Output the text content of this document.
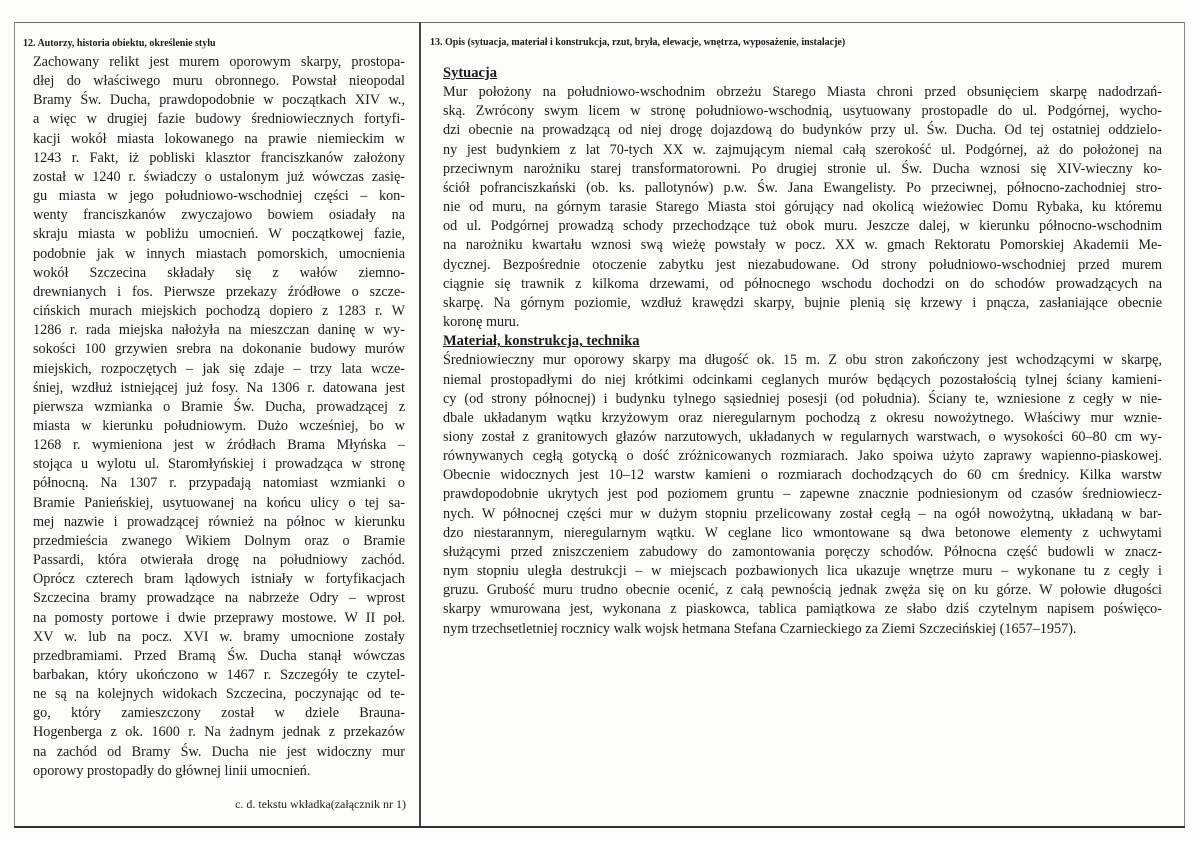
12. Autorzy, historia obiektu, określenie stylu	13. Opis (sytuacja, materiał i konstrukcja, rzut, bryła, elewacje, wnętrza, wyposażenie, instalacje)

Zachowany relikt jest murem oporowym skarpy, prostopa-

dłej do właściwego muru obronnego. Powstał nieopodal

Bramy Św. Ducha, prawdopodobnie w początkach XIV w.,

a więc w drugiej fazie budowy średniowiecznych fortyfi-

kacji wokół miasta lokowanego na prawie niemieckim w

1243 r. Fakt, iż pobliski klasztor franciszkanów założony

został w 1240 r. świadczy o ustalonym już wówczas zasię-

gu miasta w jego południowo-wschodniej części – kon-

wenty franciszkanów zwyczajowo bowiem osiadały na

skraju miasta w pobliżu umocnień. W początkowej fazie,

podobnie jak w innych miastach pomorskich, umocnienia

wokół Szczecina składały się z wałów ziemno-

drewnianych i fos. Pierwsze przekazy źródłowe o szcze-

cińskich murach miejskich pochodzą dopiero z 1283 r. W

1286 r. rada miejska nałożyła na mieszczan daninę w wy-

sokości 100 grzywien srebra na dokonanie budowy murów

miejskich, rozpoczętych – jak się zdaje – trzy lata wcze-

śniej, wzdłuż istniejącej już fosy. Na 1306 r. datowana jest

pierwsza wzmianka o Bramie Św. Ducha, prowadzącej z

miasta w kierunku południowym. Dużo wcześniej, bo w

1268 r. wymieniona jest w źródłach Brama Młyńska –

stojąca u wylotu ul. Staromłyńskiej i prowadząca w stronę

północną. Na 1307 r. przypadają natomiast wzmianki o

Bramie Panieńskiej, usytuowanej na końcu ulicy o tej sa-

mej nazwie i prowadzącej również na północ w kierunku

przedmieścia zwanego Wikiem Dolnym oraz o Bramie

Passardi, która otwierała drogę na południowy zachód.

Oprócz czterech bram lądowych istniały w fortyfikacjach

Szczecina bramy prowadzące na nabrzeże Odry – wprost

na pomosty portowe i dwie przeprawy mostowe. W II poł.

XV w. lub na pocz. XVI w. bramy umocnione zostały

przedbramiami. Przed Bramą Św. Ducha stanął wówczas

barbakan, który ukończono w 1467 r. Szczegóły te czytel-

ne są na kolejnych widokach Szczecina, poczynając od te-

go, który zamieszczony został w dziele Brauna-

Hogenberga z ok. 1600 r. Na żadnym jednak z przekazów

na zachód od Bramy Św. Ducha nie jest widoczny mur

oporowy prostopadły do głównej linii umocnień.

c. d. tekstu wkładka(załącznik nr 1)
Sytuacja

Mur położony na południowo-wschodnim obrzeżu Starego Miasta chroni przed obsunięciem skarpę nadodrzań-

ską. Zwrócony swym licem w stronę południowo-wschodnią, usytuowany prostopadle do ul. Podgórnej, wycho-

dzi obecnie na prowadzącą od niej drogę dojazdową do budynków przy ul. Św. Ducha. Od tej ostatniej oddzielo-

ny jest budynkiem z lat 70-tych XX w. zajmującym niemal całą szerokość ul. Podgórnej, aż do położonej na

przeciwnym narożniku starej transformatorowni. Po drugiej stronie ul. Św. Ducha wznosi się XIV-wieczny ko-

ściół pofranciszkański (ob. ks. pallotynów) p.w. Św. Jana Ewangelisty. Po przeciwnej, północno-zachodniej stro-

nie od muru, na górnym tarasie Starego Miasta stoi górujący nad okolicą wieżowiec Domu Rybaka, ku któremu

od ul. Podgórnej prowadzą schody przechodzące tuż obok muru. Jeszcze dalej, w kierunku północno-wschodnim

na narożniku kwartału wznosi swą wieżę powstały w pocz. XX w. gmach Rektoratu Pomorskiej Akademii Me-

dycznej. Bezpośrednie otoczenie zabytku jest niezabudowane. Od strony południowo-wschodniej przed murem

ciągnie się trawnik z kilkoma drzewami, od północnego wschodu dochodzi on do schodów prowadzących na

skarpę. Na górnym poziomie, wzdłuż krawędzi skarpy, bujnie plenią się krzewy i pnącza, zasłaniające obecnie

koronę muru.

Materiał, konstrukcja, technika

Średniowieczny mur oporowy skarpy ma długość ok. 15 m. Z obu stron zakończony jest wchodzącymi w skarpę,

niemal prostopadłymi do niej krótkimi odcinkami ceglanych murów będących pozostałością tylnej ściany kamieni-

cy (od strony północnej) i budynku tylnego sąsiedniej posesji (od południa). Ściany te, wzniesione z cegły w nie-

dbale układanym wątku krzyżowym oraz nieregularnym pochodzą z okresu nowożytnego. Właściwy mur wznie-

siony został z granitowych głazów narzutowych, układanych w regularnych warstwach, o wysokości 60–80 cm wy-

równywanych cegłą gotycką o dość zróżnicowanych rozmiarach. Jako spoiwa użyto zaprawy wapienno-piaskowej.

Obecnie widocznych jest 10–12 warstw kamieni o rozmiarach dochodzących do 60 cm średnicy. Kilka warstw

prawdopodobnie ukrytych jest pod poziomem gruntu – zapewne znacznie podniesionym od czasów średniowiecz-

nych. W północnej części mur w dużym stopniu przelicowany został cegłą – na ogół nowożytną, układaną w bar-

dzo niestarannym, nieregularnym wątku. W ceglane lico wmontowane są dwa betonowe elementy z uchwytami

służącymi przed zniszczeniem zabudowy do zamontowania poręczy schodów. Północna część budowli w znacz-

nym stopniu uległa destrukcji – w miejscach pozbawionych lica ukazuje wnętrze muru – wykonane tu z cegły i

gruzu. Grubość muru trudno obecnie ocenić, z całą pewnością jednak zwęża się on ku górze. W połowie długości

skarpy wmurowana jest, wykonana z piaskowca, tablica pamiątkowa ze słabo dziś czytelnym napisem poświęco-

nym trzechsetletniej rocznicy walk wojsk hetmana Stefana Czarnieckiego za Ziemi Szczecińskiej (1657–1957).
